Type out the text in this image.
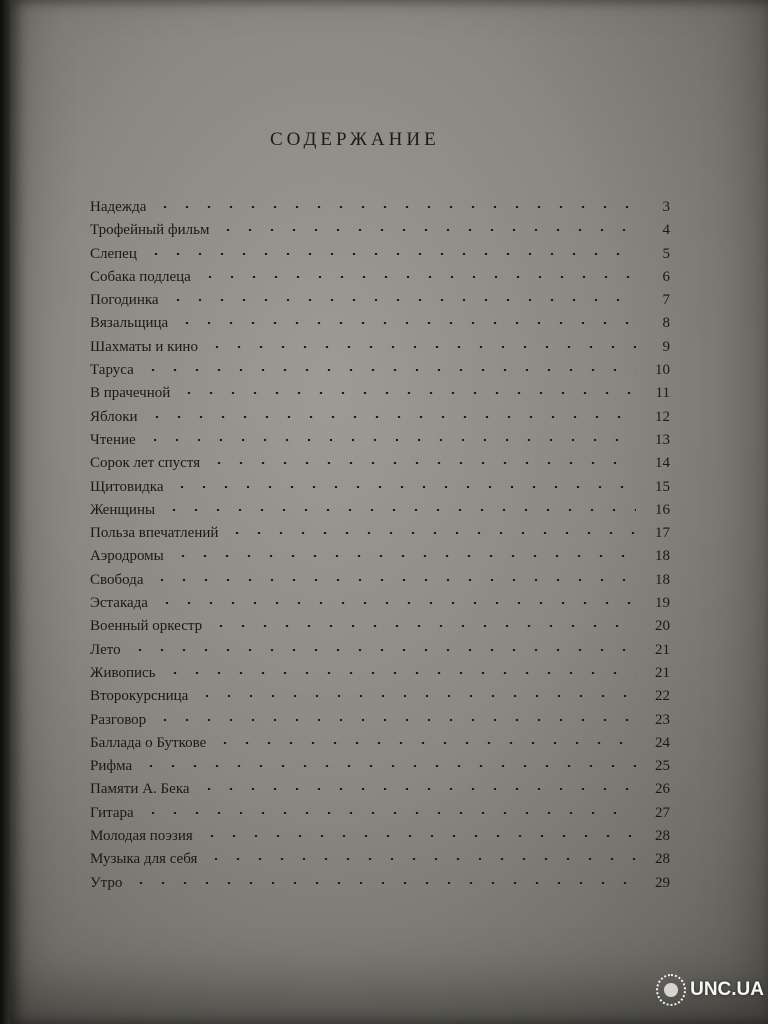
СОДЕРЖАНИЕ
Надежда	3
Трофейный фильм	4
Слепец	5
Собака подлеца	6
Погодинка	7
Вязальщица	8
Шахматы и кино	9
Таруса	10
В прачечной	11
Яблоки	12
Чтение	13
Сорок лет спустя	14
Щитовидка	15
Женщины	16
Польза впечатлений	17
Аэродромы	18
Свобода	18
Эстакада	19
Военный оркестр	20
Лето	21
Живопись	21
Второкурсница	22
Разговор	23
Баллада о Буткове	24
Рифма	25
Памяти А. Бека	26
Гитара	27
Молодая поэзия	28
Музыка для себя	28
Утро	29
UNC.UA
